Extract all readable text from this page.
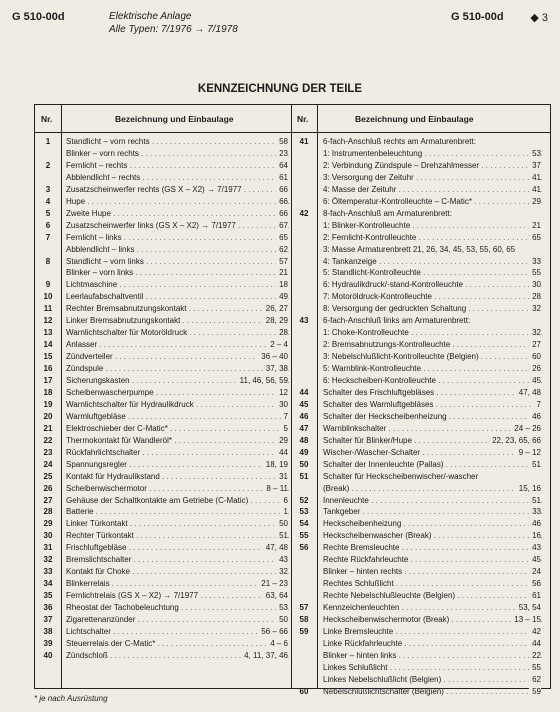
G 510-00d	Elektrische Anlage
Alle Typen: 7/1976 → 7/1978
G 510-00d ◆ 3
KENNZEICHNUNG DER TEILE
Nr.	Bezeichnung und Einbaulage	Nr.	Bezeichnung und Einbaulage
1	Standlicht – vorn rechts . . .	58
Blinker – vorn rechts . . .	23
2	Fernlicht – rechts . . .	64
Abblendlicht – rechts . . .	61
3	Zusatzscheinwerfer rechts (GS X – X2) → 7/1977 . . .	66
4	Hupe . . .	66
5	Zweite Hupe . . .	66
6	Zusatzscheinwerfer links (GS X – X2) → 7/1977 . . .	67
7	Fernlicht – links . . .	65
Abblendlicht – links . . .	62
8	Standlicht – vorn links . . .	57
Blinker – vorn links . . .	21
9	Lichtmaschine . . .	18
10	Leerlaufabschaltventil . . .	49
11	Rechter Bremsabnutzungskontakt . . .	26, 27
12	Linker Bremsabnutzungskontakt . . .	28, 29
13	Warnlichtschalter für Motoröldruck . . .	28
14	Anlasser . . .	2 – 4
15	Zündverteiler . . .	36 – 40
16	Zündspule . . .	37, 38
17	Sicherungskasten . . .	11, 46, 56, 59
18	Scheibenwascherpumpe . . .	12
19	Warnlichtschalter für Hydraulikdruck . . .	30
20	Warmluftgebläse . . .	7
21	Elektroschieber der C-Matic* . . .	5
22	Thermokontakt für Wandleröl* . . .	29
23	Rückfahrlichtschalter . . .	44
24	Spannungsregler . . .	18, 19
25	Kontakt für Hydraulikstand . . .	31
26	Scheibenwischermotor . . .	8 – 11
27	Gehäuse der Schaltkontakte am Getriebe (C-Matic) . . .	6
28	Batterie . . .	1
29	Linker Türkontakt . . .	50
30	Rechter Türkontakt . . .	51
31	Frischluftgebläse . . .	47, 48
32	Bremslichtschalter . . .	43
33	Kontakt für Choke . . .	32
34	Blinkerrelais . . .	21 – 23
35	Fernlichtrelais (GS X – X2) → 7/1977 . . .	63, 64
36	Rheostat der Tachobeleuchtung . . .	53
37	Zigarettenanzünder . . .	50
38	Lichtschalter . . .	56 – 66
39	Steuerrelais der C-Matic* . . .	4 – 6
40	Zündschloß . . .	4, 11, 37, 46
41	6-fach-Anschluß rechts am Armaturenbrett:
1: Instrumentenbeleuchtung . . .	53
2: Verbindung Zündspule – Drehzahlmesser . . .	37
3: Versorgung der Zeituhr . . .	41
4: Masse der Zeituhr . . .	41
6: Öltemperatur-Kontrolleuchte – C-Matic* . . .	29
42	8-fach-Anschluß am Armaturenbrett:
1: Blinker-Kontrolleuchte . . .	21
2: Fernlicht-Kontrolleuchte . . .	65
3: Masse Armaturenbrett 21, 26, 34, 45, 53, 55, 60, 65
4: Tankanzeige . . .	33
5: Standlicht-Kontrolleuchte . . .	55
6: Hydraulikdruck/-stand-Kontrolleuchte . . .	30
7: Motoröldruck-Kontrolleuchte . . .	28
8: Versorgung der gedruckten Schaltung . . .	32
43	6-fach-Anschluß links am Armaturenbrett:
1: Choke-Kontrolleuchte . . .	32
2: Bremsabnutzungs-Kontrolleuchte . . .	27
3: Nebelschlußlicht-Kontrolleuchte (Belgien) . . .	60
5: Warnblink-Kontrolleuchte . . .	26
6: Heckscheiben-Kontrolleuchte . . .	45
44	Schalter des Frischluftgebläses . . .	47, 48
45	Schalter des Warmluftgebläses . . .	7
46	Schalter der Heckscheibenheizung . . .	46
47	Warnblinkschalter . . .	24 – 26
48	Schalter für Blinker/Hupe . . .	22, 23, 65, 66
49	Wischer-/Wascher-Schalter . . .	9 – 12
50	Schalter der Innenleuchte (Pallas) . . .	51
51	Schalter für Heckscheibenwischer/-wascher
(Break) . . .	15, 16
52	Innenleuchte . . .	51
53	Tankgeber . . .	33
54	Heckscheibenheizung . . .	46
55	Heckscheibenwascher (Break) . . .	16
56	Rechte Bremsleuchte . . .	43
Rechte Rückfahrleuchte . . .	45
Blinker – hinten rechts . . .	24
Rechtes Schlußlicht . . .	56
Rechte Nebelschlußleuchte (Belgien) . . .	61
57	Kennzeichenleuchten . . .	53, 54
58	Heckscheibenwischermotor (Break) . . .	13 – 15
59	Linke Bremsleuchte . . .	42
Linke Rückfahrleuchte . . .	44
Blinker – hinten links . . .	22
Linkes Schlußlicht . . .	55
Linkes Nebelschlußlicht (Belgien) . . .	62
60	Nebelschlußlichtschalter (Belgien) . . .	59
* je nach Ausrüstung
